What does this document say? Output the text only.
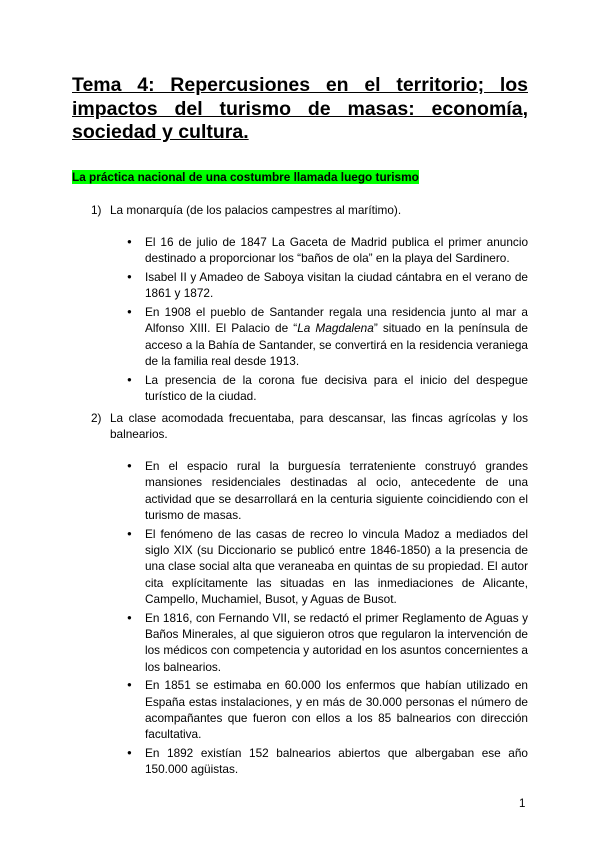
Tema 4: Repercusiones en el territorio; los impactos del turismo de masas: economía, sociedad y cultura.

La práctica nacional de una costumbre llamada luego turismo

1) La monarquía (de los palacios campestres al marítimo).
● El 16 de julio de 1847 La Gaceta de Madrid publica el primer anuncio destinado a proporcionar los “baños de ola” en la playa del Sardinero.
● Isabel II y Amadeo de Saboya visitan la ciudad cántabra en el verano de 1861 y 1872.
● En 1908 el pueblo de Santander regala una residencia junto al mar a Alfonso XIII. El Palacio de “La Magdalena” situado en la península de acceso a la Bahía de Santander, se convertirá en la residencia veraniega de la familia real desde 1913.
● La presencia de la corona fue decisiva para el inicio del despegue turístico de la ciudad.
2) La clase acomodada frecuentaba, para descansar, las fincas agrícolas y los balnearios.
● En el espacio rural la burguesía terrateniente construyó grandes mansiones residenciales destinadas al ocio, antecedente de una actividad que se desarrollará en la centuria siguiente coincidiendo con el turismo de masas.
● El fenómeno de las casas de recreo lo vincula Madoz a mediados del siglo XIX (su Diccionario se publicó entre 1846-1850) a la presencia de una clase social alta que veraneaba en quintas de su propiedad. El autor cita explícitamente las situadas en las inmediaciones de Alicante, Campello, Muchamiel, Busot, y Aguas de Busot.
● En 1816, con Fernando VII, se redactó el primer Reglamento de Aguas y Baños Minerales, al que siguieron otros que regularon la intervención de los médicos con competencia y autoridad en los asuntos concernientes a los balnearios.
● En 1851 se estimaba en 60.000 los enfermos que habían utilizado en España estas instalaciones, y en más de 30.000 personas el número de acompañantes que fueron con ellos a los 85 balnearios con dirección facultativa.
● En 1892 existían 152 balnearios abiertos que albergaban ese año 150.000 agüistas.
1
